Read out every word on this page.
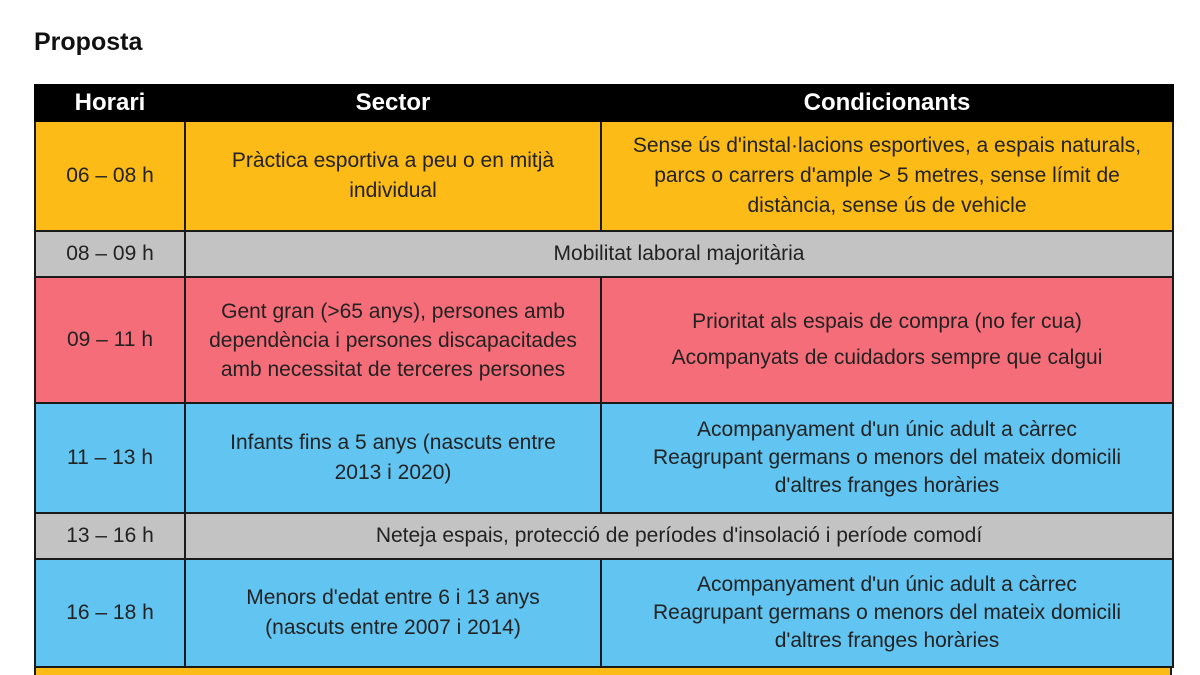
Proposta
Horari	Sector	Condicionants
06 – 08 h	Pràctica esportiva a peu o en mitjà individual	Sense ús d'instal·lacions esportives, a espais naturals, parcs o carrers d'ample > 5 metres, sense límit de distància, sense ús de vehicle
08 – 09 h	Mobilitat laboral majoritària	
09 – 11 h	Gent gran (>65 anys), persones amb dependència i persones discapacitades amb necessitat de terceres persones	Prioritat als espais de compra (no fer cua)

Acompanyats de cuidadors sempre que calgui

11 – 13 h	Infants fins a 5 anys (nascuts entre 2013 i 2020)	Acompanyament d'un únic adult a càrrec
Reagrupant germans o menors del mateix domicili d'altres franges horàries

13 – 16 h	Neteja espais, protecció de períodes d'insolació i període comodí	
16 – 18 h	Menors d'edat entre 6 i 13 anys (nascuts entre 2007 i 2014)	Acompanyament d'un únic adult a càrrec
Reagrupant germans o menors del mateix domicili d'altres franges horàries
